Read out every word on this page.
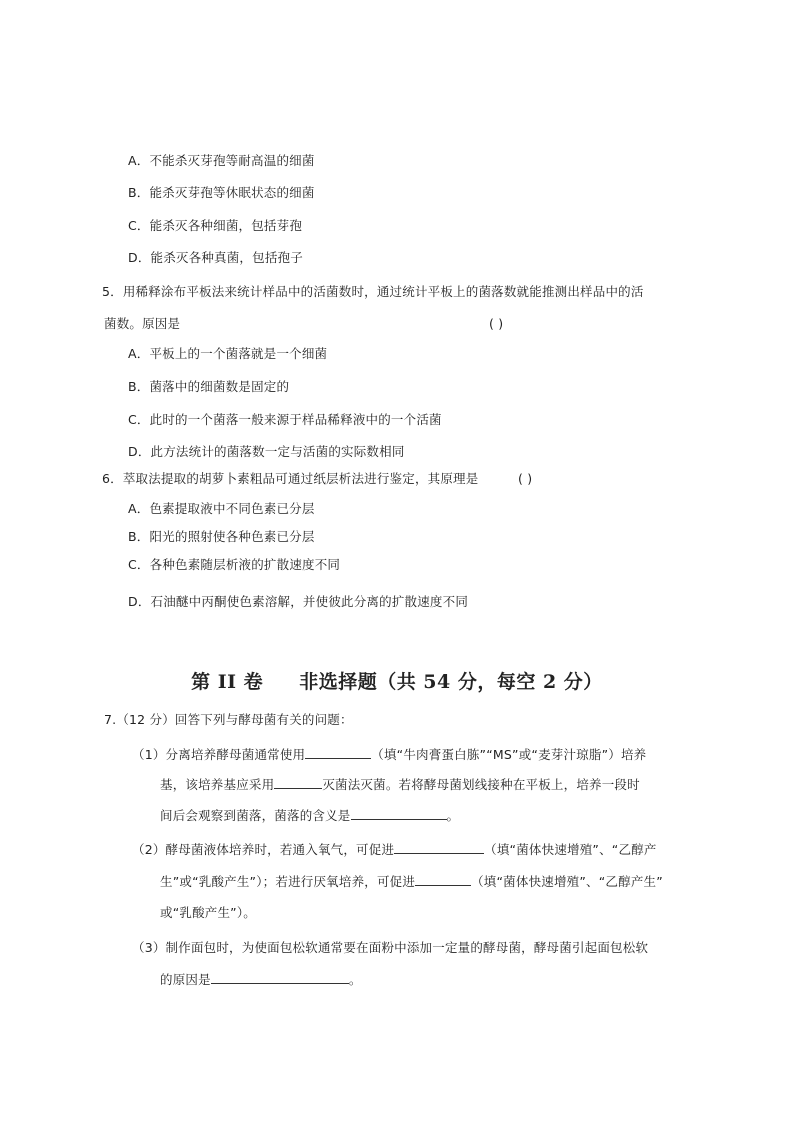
A．不能杀灭芽孢等耐高温的细菌
B．能杀灭芽孢等休眠状态的细菌
C．能杀灭各种细菌，包括芽孢
D．能杀灭各种真菌，包括孢子
5．用稀释涂布平板法来统计样品中的活菌数时，通过统计平板上的菌落数就能推测出样品中的活
菌数。原因是	( )
A．平板上的一个菌落就是一个细菌
B．菌落中的细菌数是固定的
C．此时的一个菌落一般来源于样品稀释液中的一个活菌
D．此方法统计的菌落数一定与活菌的实际数相同
6．萃取法提取的胡萝卜素粗品可通过纸层析法进行鉴定，其原理是	( )
A．色素提取液中不同色素已分层
B．阳光的照射使各种色素已分层
C．各种色素随层析液的扩散速度不同
D．石油醚中丙酮使色素溶解，并使彼此分离的扩散速度不同
第 II 卷 非选择题（共 54 分，每空 2 分）
7.（12 分）回答下列与酵母菌有关的问题：
（1）分离培养酵母菌通常使用	（填“牛肉膏蛋白胨”“MS”或“麦芽汁琼脂”）培养
基，该培养基应采用	灭菌法灭菌。若将酵母菌划线接种在平板上，培养一段时
间后会观察到菌落，菌落的含义是	。
（2）酵母菌液体培养时，若通入氧气，可促进	（填“菌体快速增殖”、“乙醇产
生”或“乳酸产生”）；若进行厌氧培养，可促进	（填“菌体快速增殖”、“乙醇产生”
或“乳酸产生”）。
（3）制作面包时，为使面包松软通常要在面粉中添加一定量的酵母菌，酵母菌引起面包松软
的原因是	。
